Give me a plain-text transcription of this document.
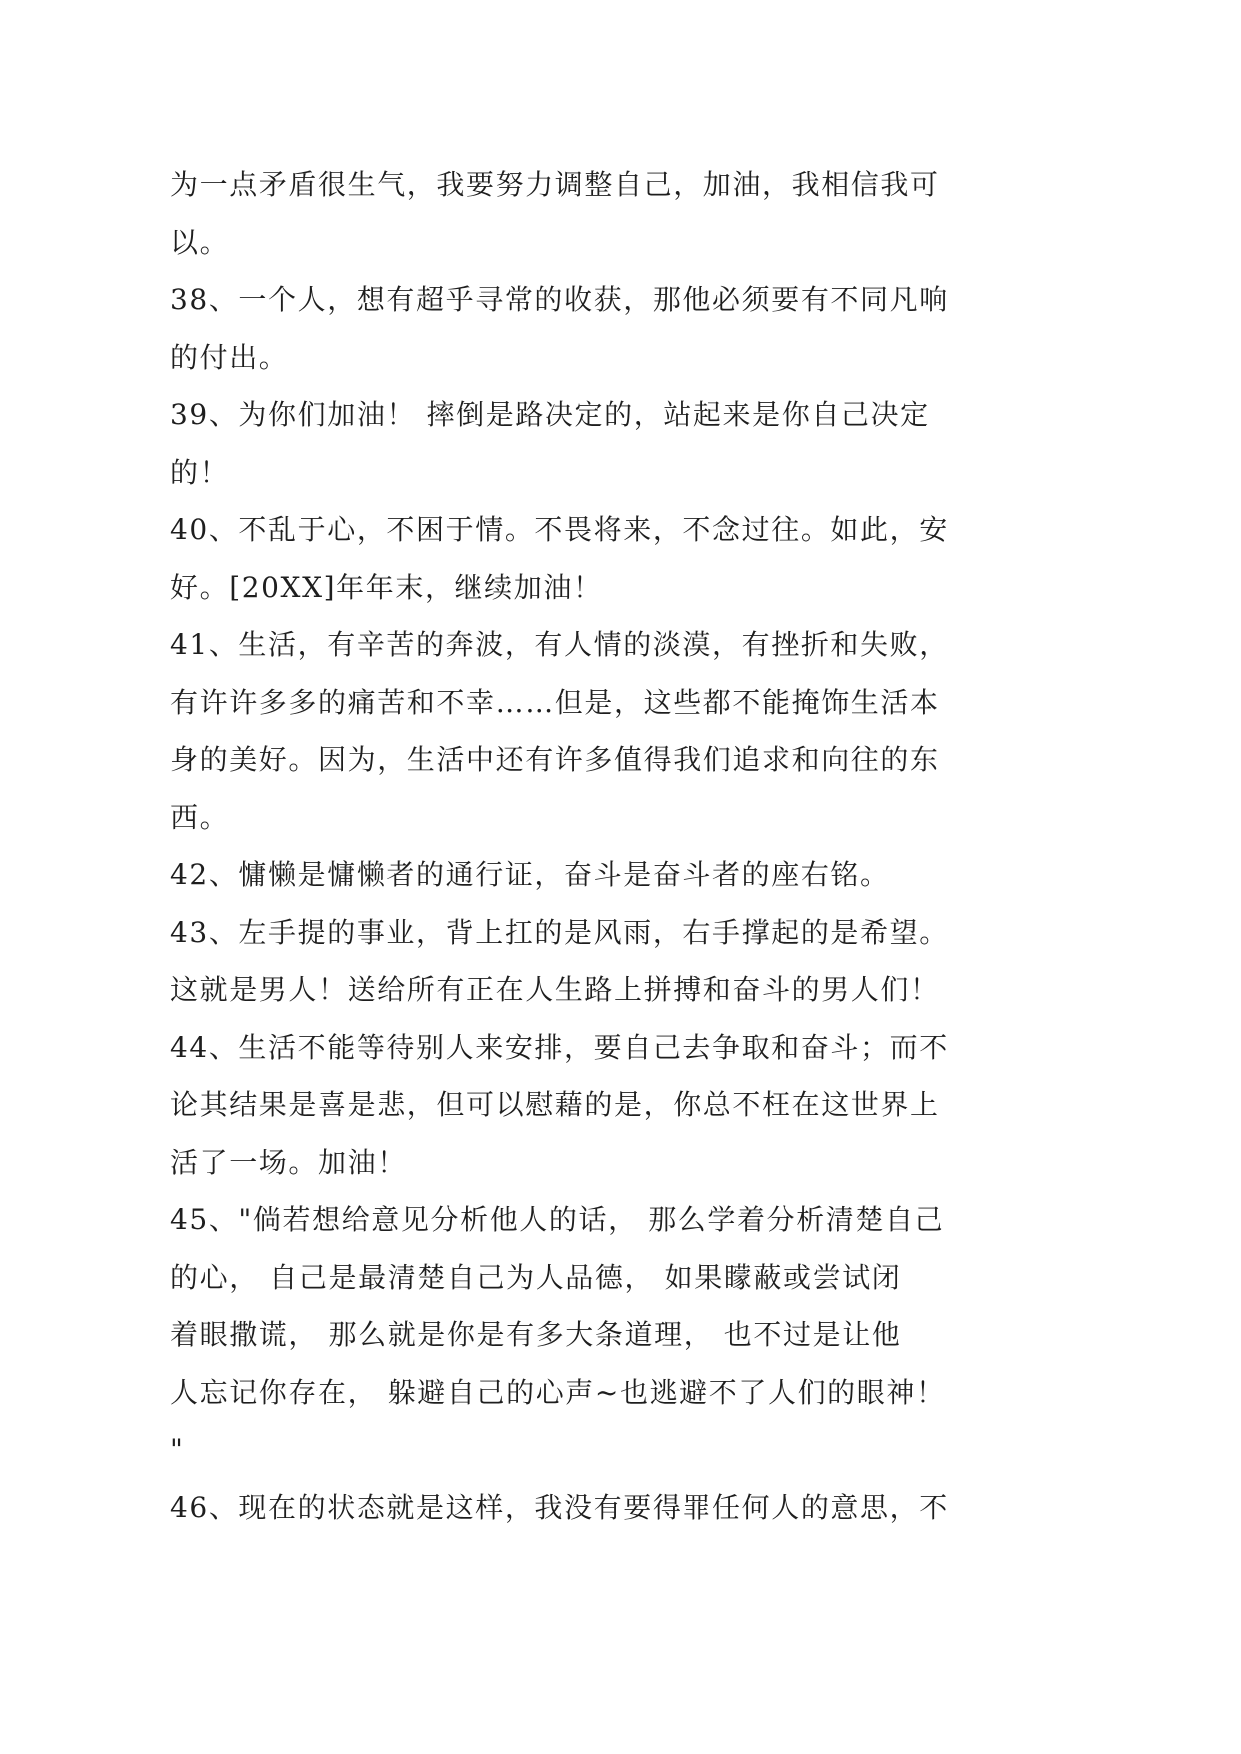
为一点矛盾很生气，我要努力调整自己，加油，我相信我可
以。
38、一个人，想有超乎寻常的收获，那他必须要有不同凡响
的付出。
39、为你们加油！ 摔倒是路决定的，站起来是你自己决定
的！
40、不乱于心，不困于情。不畏将来，不念过往。如此，安
好。[20XX]年年末，继续加油！
41、生活，有辛苦的奔波，有人情的淡漠，有挫折和失败，
有许许多多的痛苦和不幸……但是，这些都不能掩饰生活本
身的美好。因为，生活中还有许多值得我们追求和向往的东
西。
42、慵懒是慵懒者的通行证，奋斗是奋斗者的座右铭。
43、左手提的事业，背上扛的是风雨，右手撑起的是希望。
这就是男人！送给所有正在人生路上拼搏和奋斗的男人们！
44、生活不能等待别人来安排，要自己去争取和奋斗；而不
论其结果是喜是悲，但可以慰藉的是，你总不枉在这世界上
活了一场。加油！
45、"倘若想给意见分析他人的话， 那么学着分析清楚自己
的心， 自己是最清楚自己为人品德， 如果矇蔽或尝试闭
着眼撒谎， 那么就是你是有多大条道理， 也不过是让他
人忘记你存在， 躲避自己的心声~也逃避不了人们的眼神！
"
46、现在的状态就是这样，我没有要得罪任何人的意思，不
